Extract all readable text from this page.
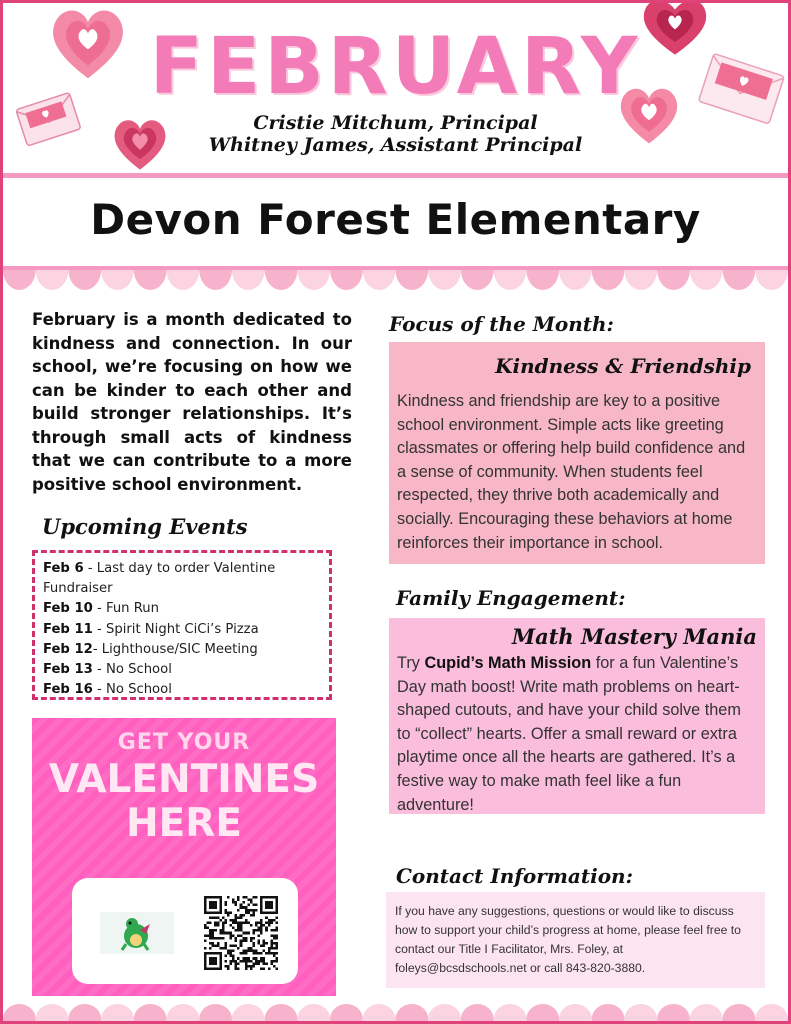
FEBRUARY
Cristie Mitchum, Principal
Whitney James, Assistant Principal
Devon Forest Elementary
February is a month dedicated to kindness and connection. In our school, we’re focusing on how we can be kinder to each other and build stronger relationships. It’s through small acts of kindness that we can contribute to a more positive school environment.
Upcoming Events
Feb 6 - Last day to order Valentine Fundraiser
Feb 10 - Fun Run
Feb 11 - Spirit Night CiCi’s Pizza
Feb 12- Lighthouse/SIC Meeting
Feb 13 - No School
Feb 16 - No School
GET YOUR
VALENTINES
HERE
Focus of the Month:
Kindness & Friendship
Kindness and friendship are key to a positive school environment. Simple acts like greeting classmates or offering help build confidence and a sense of community. When students feel respected, they thrive both academically and socially. Encouraging these behaviors at home reinforces their importance in school.
Family Engagement:
Math Mastery Mania
Try Cupid’s Math Mission for a fun Valentine’s Day math boost! Write math problems on heart-shaped cutouts, and have your child solve them to “collect” hearts. Offer a small reward or extra playtime once all the hearts are gathered. It’s a festive way to make math feel like a fun adventure!
Contact Information:
If you have any suggestions, questions or would like to discuss how to support your child’s progress at home, please feel free to contact our Title I Facilitator, Mrs. Foley, at foleys@bcsdschools.net or call 843-820-3880.
